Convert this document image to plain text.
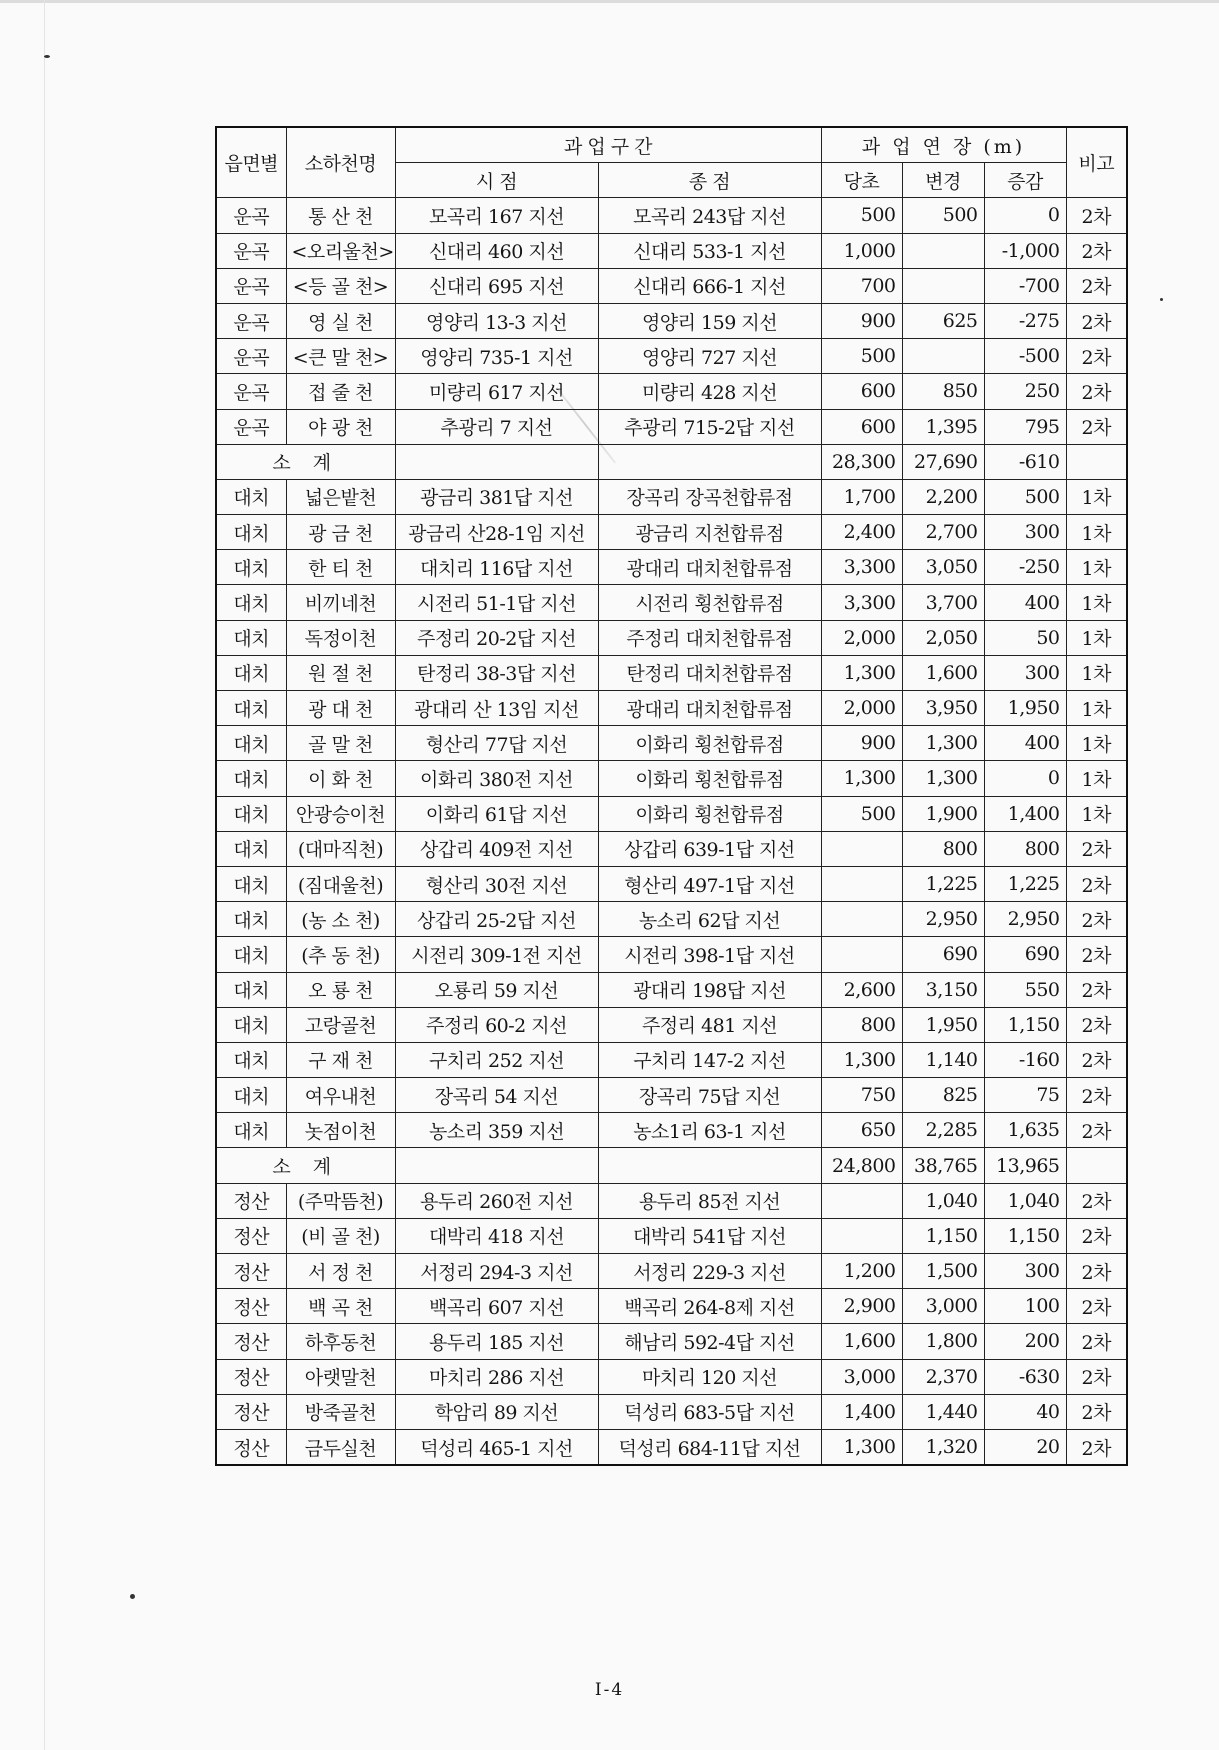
읍면별	소하천명	과 업 구 간		과 업 연 장 (m)			비고
		시 점	종 점	당초	변경	증감	
운곡	통 산 천	모곡리 167 지선	모곡리 243답 지선	500	500	0	2차
운곡	<오리울천>	신대리 460 지선	신대리 533-1 지선	1,000		-1,000	2차
운곡	<등 골 천>	신대리 695 지선	신대리 666-1 지선	700		-700	2차
운곡	영 실 천	영양리 13-3 지선	영양리 159 지선	900	625	-275	2차
운곡	<큰 말 천>	영양리 735-1 지선	영양리 727 지선	500		-500	2차
운곡	접 줄 천	미량리 617 지선	미량리 428 지선	600	850	250	2차
운곡	야 광 천	추광리 7 지선	추광리 715-2답 지선	600	1,395	795	2차
소 계				28,300	27,690	-610	
대치	넓은밭천	광금리 381답 지선	장곡리 장곡천합류점	1,700	2,200	500	1차
대치	광 금 천	광금리 산28-1임 지선	광금리 지천합류점	2,400	2,700	300	1차
대치	한 티 천	대치리 116답 지선	광대리 대치천합류점	3,300	3,050	-250	1차
대치	비끼네천	시전리 51-1답 지선	시전리 횡천합류점	3,300	3,700	400	1차
대치	독정이천	주정리 20-2답 지선	주정리 대치천합류점	2,000	2,050	50	1차
대치	원 절 천	탄정리 38-3답 지선	탄정리 대치천합류점	1,300	1,600	300	1차
대치	광 대 천	광대리 산 13임 지선	광대리 대치천합류점	2,000	3,950	1,950	1차
대치	골 말 천	형산리 77답 지선	이화리 횡천합류점	900	1,300	400	1차
대치	이 화 천	이화리 380전 지선	이화리 횡천합류점	1,300	1,300	0	1차
대치	안광승이천	이화리 61답 지선	이화리 횡천합류점	500	1,900	1,400	1차
대치	(대마직천)	상갑리 409전 지선	상갑리 639-1답 지선		800	800	2차
대치	(짐대울천)	형산리 30전 지선	형산리 497-1답 지선		1,225	1,225	2차
대치	(농 소 천)	상갑리 25-2답 지선	농소리 62답 지선		2,950	2,950	2차
대치	(추 동 천)	시전리 309-1전 지선	시전리 398-1답 지선		690	690	2차
대치	오 룡 천	오룡리 59 지선	광대리 198답 지선	2,600	3,150	550	2차
대치	고랑골천	주정리 60-2 지선	주정리 481 지선	800	1,950	1,150	2차
대치	구 재 천	구치리 252 지선	구치리 147-2 지선	1,300	1,140	-160	2차
대치	여우내천	장곡리 54 지선	장곡리 75답 지선	750	825	75	2차
대치	놋점이천	농소리 359 지선	농소1리 63-1 지선	650	2,285	1,635	2차
소 계				24,800	38,765	13,965	
정산	(주막뜸천)	용두리 260전 지선	용두리 85전 지선		1,040	1,040	2차
정산	(비 골 천)	대박리 418 지선	대박리 541답 지선		1,150	1,150	2차
정산	서 정 천	서정리 294-3 지선	서정리 229-3 지선	1,200	1,500	300	2차
정산	백 곡 천	백곡리 607 지선	백곡리 264-8제 지선	2,900	3,000	100	2차
정산	하후동천	용두리 185 지선	해남리 592-4답 지선	1,600	1,800	200	2차
정산	아랫말천	마치리 286 지선	마치리 120 지선	3,000	2,370	-630	2차
정산	방죽골천	학암리 89 지선	덕성리 683-5답 지선	1,400	1,440	40	2차
정산	금두실천	덕성리 465-1 지선	덕성리 684-11답 지선	1,300	1,320	20	2차
Ⅰ-4
